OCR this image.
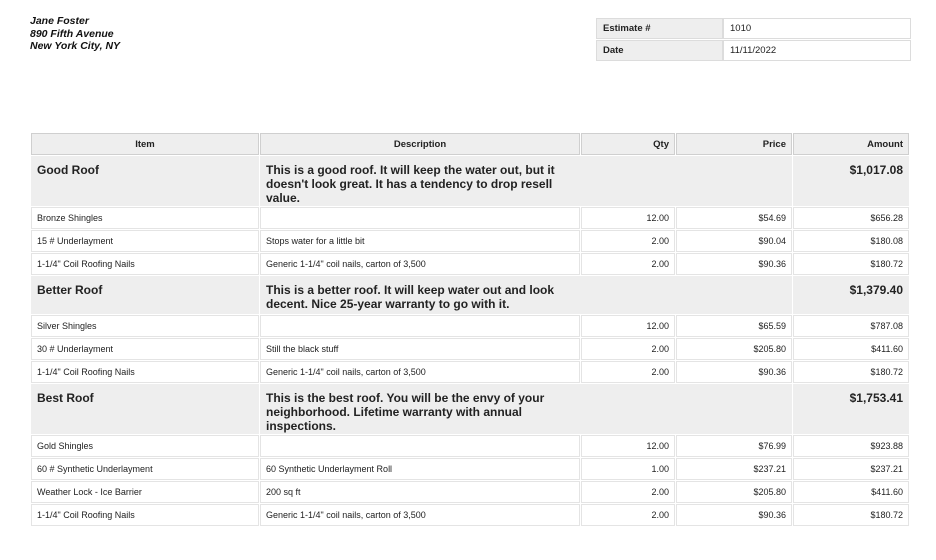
Jane Foster
890 Fifth Avenue
New York City, NY
Estimate #	1010
Date	11/11/2022
Item	Description	Qty	Price	Amount
Good Roof	This is a good roof. It will keep the water out, but it doesn't look great. It has a tendency to drop resell value.			$1,017.08
Bronze Shingles		12.00	$54.69	$656.28
15 # Underlayment	Stops water for a little bit	2.00	$90.04	$180.08
1-1/4" Coil Roofing Nails	Generic 1-1/4" coil nails, carton of 3,500	2.00	$90.36	$180.72
Better Roof	This is a better roof. It will keep water out and look decent. Nice 25-year warranty to go with it.			$1,379.40
Silver Shingles		12.00	$65.59	$787.08
30 # Underlayment	Still the black stuff	2.00	$205.80	$411.60
1-1/4" Coil Roofing Nails	Generic 1-1/4" coil nails, carton of 3,500	2.00	$90.36	$180.72
Best Roof	This is the best roof. You will be the envy of your neighborhood. Lifetime warranty with annual inspections.			$1,753.41
Gold Shingles		12.00	$76.99	$923.88
60 # Synthetic Underlayment	60 Synthetic Underlayment Roll	1.00	$237.21	$237.21
Weather Lock - Ice Barrier	200 sq ft	2.00	$205.80	$411.60
1-1/4" Coil Roofing Nails	Generic 1-1/4" coil nails, carton of 3,500	2.00	$90.36	$180.72
